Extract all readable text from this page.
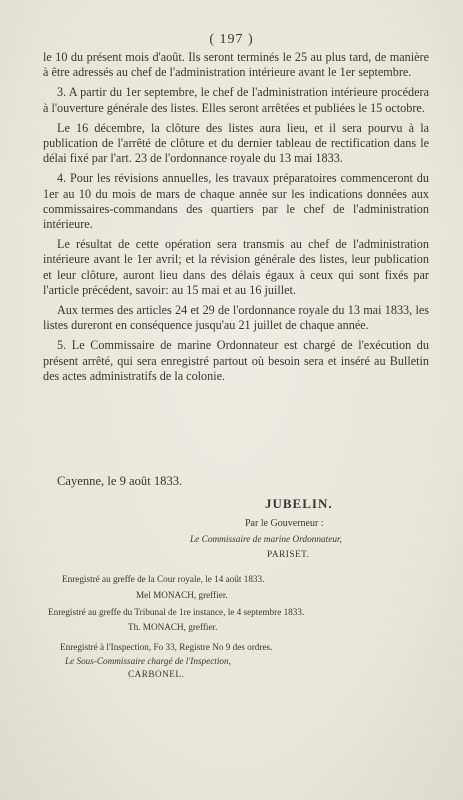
( 197 )

le 10 du présent mois d'août. Ils seront terminés le 25 au plus tard, de manière à être adressés au chef de l'administration intérieure avant le 1er septembre.

3. A partir du 1er septembre, le chef de l'administration intérieure procédera à l'ouverture générale des listes. Elles seront arrêtées et publiées le 15 octobre.

Le 16 décembre, la clôture des listes aura lieu, et il sera pourvu à la publication de l'arrêté de clôture et du dernier tableau de rectification dans le délai fixé par l'art. 23 de l'ordonnance royale du 13 mai 1833.

4. Pour les révisions annuelles, les travaux préparatoires commenceront du 1er au 10 du mois de mars de chaque année sur les indications données aux commissaires-commandans des quartiers par le chef de l'administration intérieure.

Le résultat de cette opération sera transmis au chef de l'administration intérieure avant le 1er avril; et la révision générale des listes, leur publication et leur clôture, auront lieu dans des délais égaux à ceux qui sont fixés par l'article précédent, savoir: au 15 mai et au 16 juillet.

Aux termes des articles 24 et 29 de l'ordonnance royale du 13 mai 1833, les listes dureront en conséquence jusqu'au 21 juillet de chaque année.

5. Le Commissaire de marine Ordonnateur est chargé de l'exécution du présent arrêté, qui sera enregistré partout où besoin sera et inséré au Bulletin des actes administratifs de la colonie.

Cayenne, le 9 août 1833.
JUBELIN.
Par le Gouverneur :
Le Commissaire de marine Ordonnateur,
PARISET.
Enregistré au greffe de la Cour royale, le 14 août 1833.
Mel MONACH, greffier.
Enregistré au greffe du Tribunal de 1re instance, le 4 septembre 1833.
Th. MONACH, greffier.
Enregistré à l'Inspection, Fo 33, Registre No 9 des ordres.
Le Sous-Commissaire chargé de l'Inspection,
CARBONEL.
